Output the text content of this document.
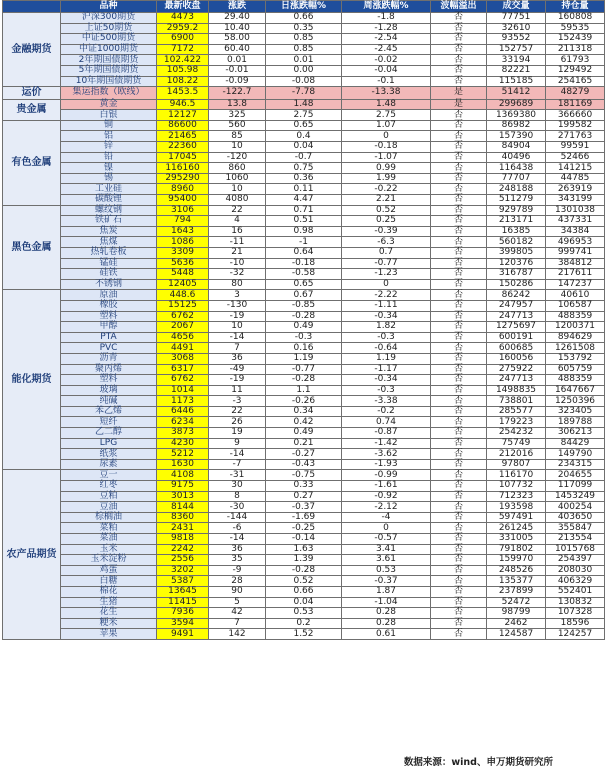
	品种	最新收盘	涨跌	日涨跌幅%	周涨跌幅%	波幅溢出	成交量	持仓量
金融期货	沪深300期货	4473	29.40	0.66	-1.8	否	77751	160808
	上证50期货	2959.2	10.40	0.35	-1.28	否	32610	59535
	中证500期货	6900	58.00	0.85	-2.54	否	93552	152439
	中证1000期货	7172	60.40	0.85	-2.45	否	152757	211318
	2年期国债期货	102.422	0.01	0.01	-0.02	否	33194	61793
	5年期国债期货	105.98	-0.01	0.00	-0.04	否	82221	129492
	10年期国债期货	108.22	-0.09	-0.08	-0.1	否	115185	254165
运价	集运指数（欧线）	1453.5	-122.7	-7.78	-13.38	是	51412	48279
贵金属	黄金	946.5	13.8	1.48	1.48	是	299689	181169
	白银	12127	325	2.75	2.75	否	1369380	366660
有色金属	铜	86600	560	0.65	1.07	否	86982	199582
	铝	21465	85	0.4	0	否	157390	271763
	锌	22360	10	0.04	-0.18	否	84904	99591
	铅	17045	-120	-0.7	-1.07	否	40496	52466
	镍	116160	860	0.75	0.99	否	116438	141215
	锡	295290	1060	0.36	1.99	否	77707	44785
	工业硅	8960	10	0.11	-0.22	否	248188	263919
	碳酸锂	95400	4080	4.47	2.21	否	511279	343199
黑色金属	螺纹钢	3106	22	0.71	0.52	否	929789	1301038
	铁矿石	794	4	0.51	0.25	否	213171	437331
	焦炭	1643	16	0.98	-0.39	否	16385	34384
	焦煤	1086	-11	-1	-6.3	否	560182	496953
	热轧卷板	3309	21	0.64	0.7	否	399805	999741
	锰硅	5636	-10	-0.18	-0.77	否	120376	384812
	硅铁	5448	-32	-0.58	-1.23	否	316787	217611
	不锈钢	12405	80	0.65	0	否	150286	147237
能化期货	原油	448.6	3	0.67	-2.22	否	86242	40610
	橡胶	15125	-130	-0.85	-1.11	否	247957	106587
	塑料	6762	-19	-0.28	-0.34	否	247713	488359
	甲醇	2067	10	0.49	1.82	否	1275697	1200371
	PTA	4656	-14	-0.3	-0.3	否	600191	894629
	PVC	4491	7	0.16	-0.64	否	600685	1261508
	沥青	3068	36	1.19	1.19	否	160056	153792
	聚丙烯	6317	-49	-0.77	-1.17	否	275922	605759
	塑料	6762	-19	-0.28	-0.34	否	247713	488359
	玻璃	1014	11	1.1	-0.3	否	1498835	1647667
	纯碱	1173	-3	-0.26	-3.38	否	738801	1250396
	苯乙烯	6446	22	0.34	-0.2	否	285577	323405
	短纤	6234	26	0.42	0.74	否	179223	189788
	乙二醇	3873	19	0.49	-0.87	否	254232	306213
	LPG	4230	9	0.21	-1.42	否	75749	84429
	纸浆	5212	-14	-0.27	-3.62	否	212016	149790
	尿素	1630	-7	-0.43	-1.93	否	97807	234315
农产品期货	豆一	4108	-31	-0.75	-0.99	否	116170	204655
	红枣	9175	30	0.33	-1.61	否	107732	117099
	豆粕	3013	8	0.27	-0.92	否	712323	1453249
	豆油	8144	-30	-0.37	-2.12	否	193598	400254
	棕榈油	8360	-144	-1.69	-4	否	597491	403650
	菜粕	2431	-6	-0.25	0	否	261245	355847
	菜油	9818	-14	-0.14	-0.57	否	331005	213554
	玉米	2242	36	1.63	3.41	否	791802	1015768
	玉米淀粉	2556	35	1.39	3.61	否	159970	254397
	鸡蛋	3202	-9	-0.28	0.53	否	248526	208030
	白糖	5387	28	0.52	-0.37	否	135377	406329
	棉花	13645	90	0.66	1.87	否	237899	552401
	生猪	11415	5	0.04	-1.04	否	52472	130832
	花生	7936	42	0.53	0.28	否	98799	107328
	粳米	3594	7	0.2	0.28	否	2462	18596
	苹果	9491	142	1.52	0.61	否	124587	124257
数据来源：wind、申万期货研究所
